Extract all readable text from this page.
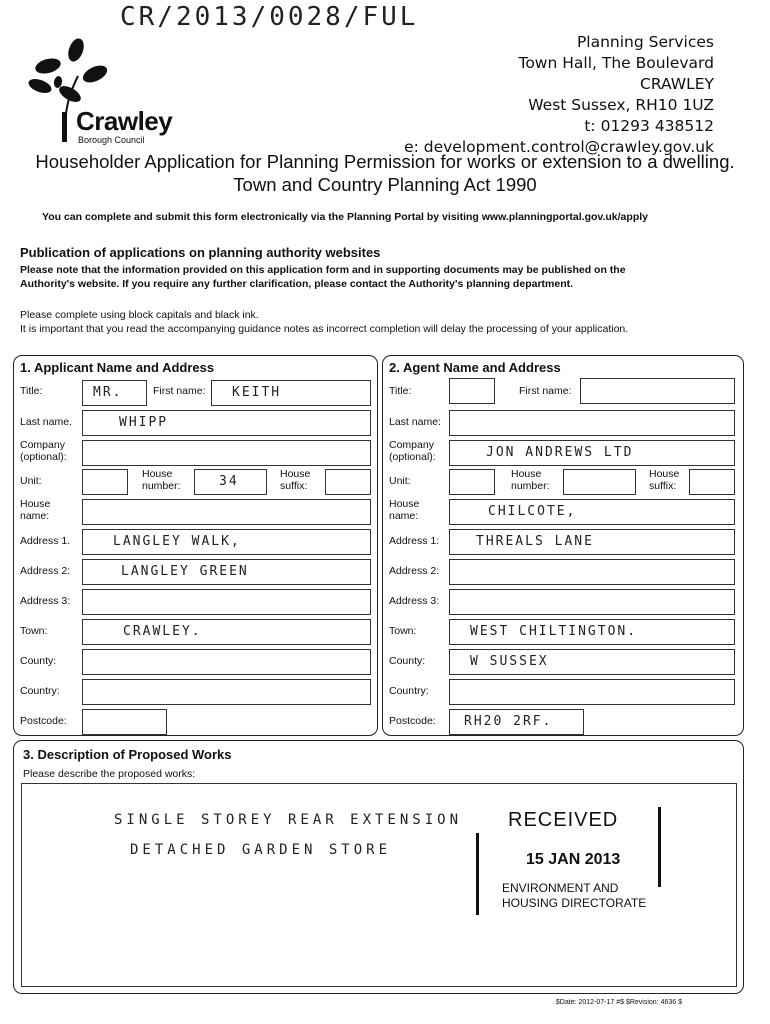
CR/2013/0028/FUL
Crawley
Borough Council
Planning Services
Town Hall, The Boulevard
CRAWLEY
West Sussex, RH10 1UZ
t: 01293 438512
e: development.control@crawley.gov.uk
Householder Application for Planning Permission for works or extension to a dwelling.
Town and Country Planning Act 1990
You can complete and submit this form electronically via the Planning Portal by visiting www.planningportal.gov.uk/apply
Publication of applications on planning authority websites
Please note that the information provided on this application form and in supporting documents may be published on the
Authority's website. If you require any further clarification, please contact the Authority's planning department.
Please complete using block capitals and black ink.
It is important that you read the accompanying guidance notes as incorrect completion will delay the processing of your application.
1. Applicant Name and Address
Title:	MR.	First name:	KEITH
Last name.	WHIPP
Company
(optional):
Unit:
House
number:	34	House
suffix:
House
name:
Address 1.	LANGLEY WALK,
Address 2:	LANGLEY GREEN
Address 3:
Town:	CRAWLEY.
County:
Country:
Postcode:
2. Agent Name and Address
Title:	First name:
Last name:
Company
(optional):	JON ANDREWS LTD
Unit:
House
number:
House
suffix:
House
name:	CHILCOTE,
Address 1:	THREALS LANE
Address 2:
Address 3:
Town:	WEST CHILTINGTON.
County:	W SUSSEX
Country:
Postcode:	RH20 2RF.
3. Description of Proposed Works
Please describe the proposed works:
SINGLE STOREY REAR EXTENSION
DETACHED GARDEN STORE
RECEIVED
15 JAN 2013
ENVIRONMENT AND
HOUSING DIRECTORATE
$Date: 2012-07-17 #$ $Revision: 4636 $
